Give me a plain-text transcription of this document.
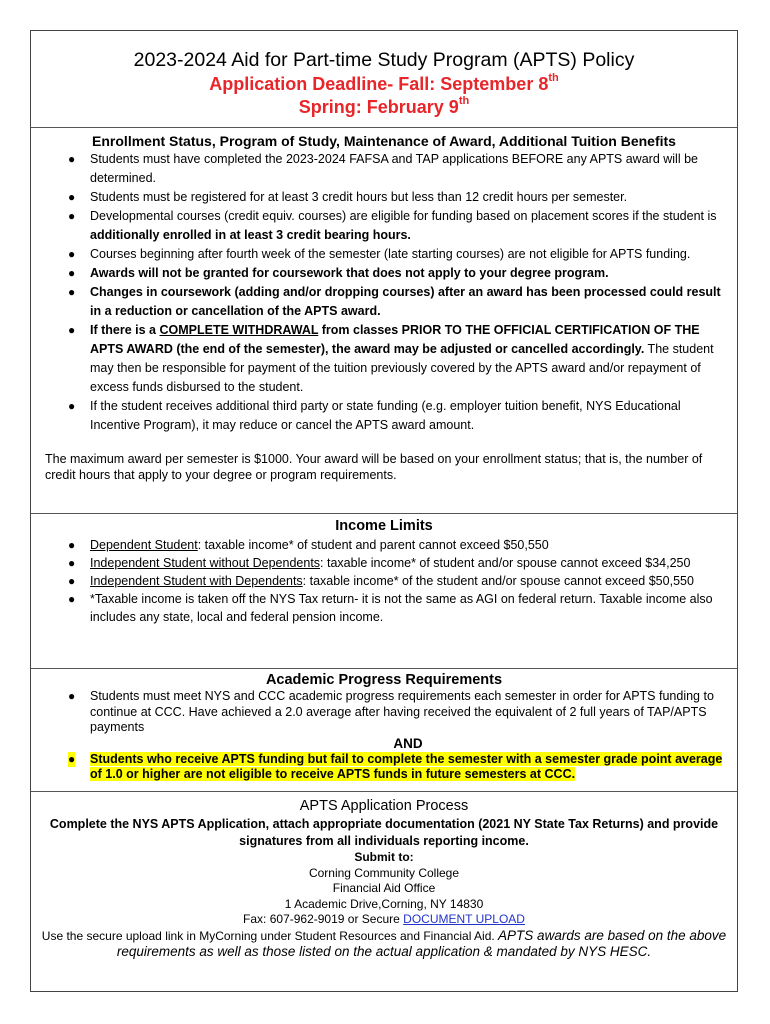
2023-2024 Aid for Part-time Study Program (APTS) Policy
Application Deadline- Fall: September 8th
Spring: February 9th
Enrollment Status, Program of Study, Maintenance of Award, Additional Tuition Benefits
● Students must have completed the 2023-2024 FAFSA and TAP applications BEFORE any APTS award will be determined.
● Students must be registered for at least 3 credit hours but less than 12 credit hours per semester.
● Developmental courses (credit equiv. courses) are eligible for funding based on placement scores if the student is additionally enrolled in at least 3 credit bearing hours.
● Courses beginning after fourth week of the semester (late starting courses) are not eligible for APTS funding.
● Awards will not be granted for coursework that does not apply to your degree program.
● Changes in coursework (adding and/or dropping courses) after an award has been processed could result in a reduction or cancellation of the APTS award.
● If there is a COMPLETE WITHDRAWAL from classes PRIOR TO THE OFFICIAL CERTIFICATION OF THE APTS AWARD (the end of the semester), the award may be adjusted or cancelled accordingly. The student may then be responsible for payment of the tuition previously covered by the APTS award and/or repayment of excess funds disbursed to the student.
● If the student receives additional third party or state funding (e.g. employer tuition benefit, NYS Educational Incentive Program), it may reduce or cancel the APTS award amount.
The maximum award per semester is $1000. Your award will be based on your enrollment status; that is, the number of credit hours that apply to your degree or program requirements.
Income Limits
● Dependent Student: taxable income* of student and parent cannot exceed $50,550
● Independent Student without Dependents: taxable income* of student and/or spouse cannot exceed $34,250
● Independent Student with Dependents: taxable income* of the student and/or spouse cannot exceed $50,550
● *Taxable income is taken off the NYS Tax return- it is not the same as AGI on federal return. Taxable income also includes any state, local and federal pension income.
Academic Progress Requirements
● Students must meet NYS and CCC academic progress requirements each semester in order for APTS funding to continue at CCC. Have achieved a 2.0 average after having received the equivalent of 2 full years of TAP/APTS payments
AND
● Students who receive APTS funding but fail to complete the semester with a semester grade point average of 1.0 or higher are not eligible to receive APTS funds in future semesters at CCC.
APTS Application Process
Complete the NYS APTS Application, attach appropriate documentation (2021 NY State Tax Returns) and provide signatures from all individuals reporting income.
Submit to:
Corning Community College
Financial Aid Office
1 Academic Drive,Corning, NY 14830
Fax: 607-962-9019 or Secure DOCUMENT UPLOAD
Use the secure upload link in MyCorning under Student Resources and Financial Aid. APTS awards are based on the above requirements as well as those listed on the actual application & mandated by NYS HESC.
